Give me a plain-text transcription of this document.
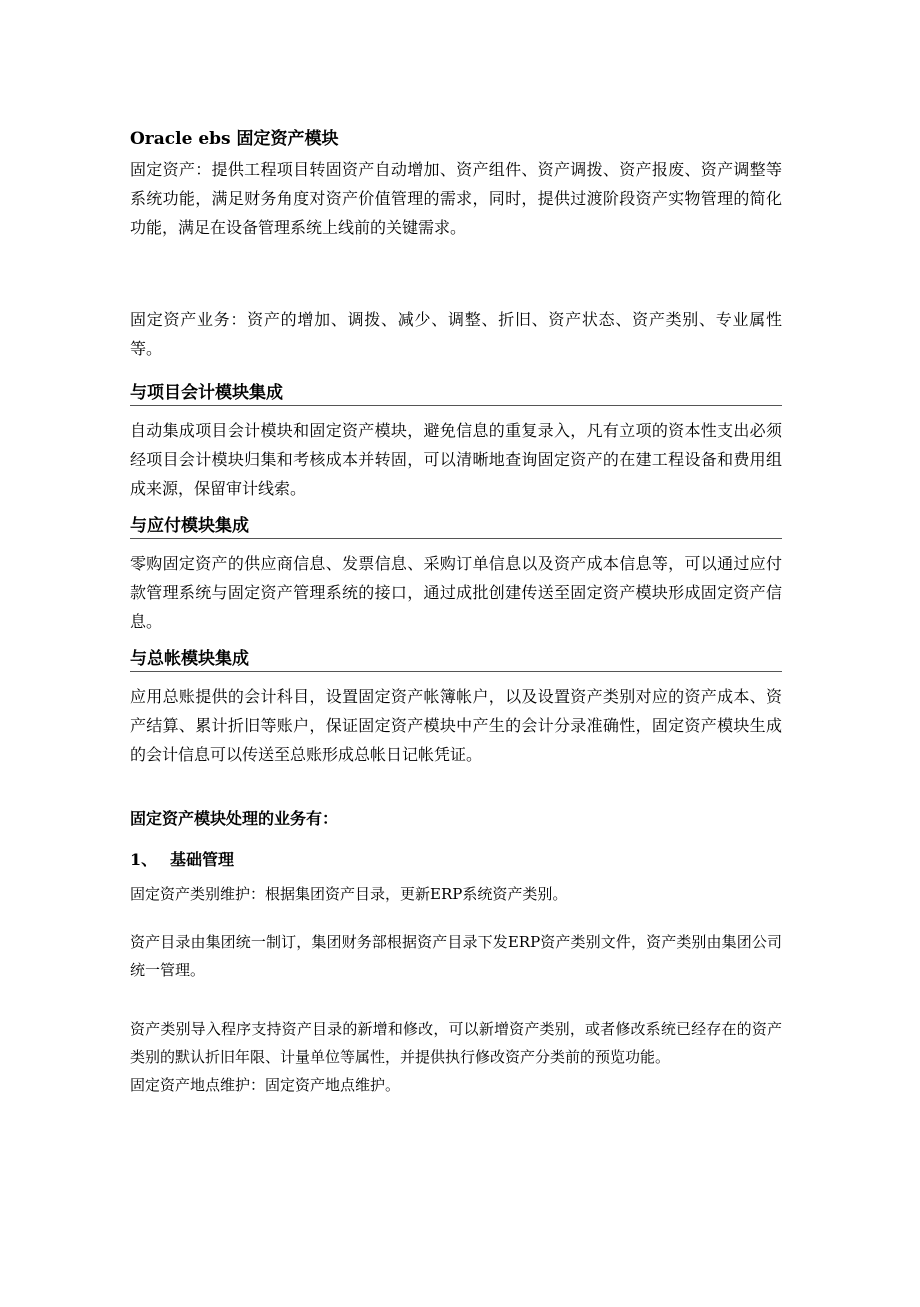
Oracle ebs 固定资产模块

固定资产：提供工程项目转固资产自动增加、资产组件、资产调拨、资产报废、资产调整等系统功能，满足财务角度对资产价值管理的需求，同时，提供过渡阶段资产实物管理的简化功能，满足在设备管理系统上线前的关键需求。

固定资产业务：资产的增加、调拨、减少、调整、折旧、资产状态、资产类别、专业属性等。

与项目会计模块集成

自动集成项目会计模块和固定资产模块，避免信息的重复录入，凡有立项的资本性支出必须经项目会计模块归集和考核成本并转固，可以清晰地查询固定资产的在建工程设备和费用组成来源，保留审计线索。

与应付模块集成

零购固定资产的供应商信息、发票信息、采购订单信息以及资产成本信息等，可以通过应付款管理系统与固定资产管理系统的接口，通过成批创建传送至固定资产模块形成固定资产信息。

与总帐模块集成

应用总账提供的会计科目，设置固定资产帐簿帐户，以及设置资产类别对应的资产成本、资产结算、累计折旧等账户，保证固定资产模块中产生的会计分录准确性，固定资产模块生成的会计信息可以传送至总账形成总帐日记帐凭证。

固定资产模块处理的业务有：
1、 基础管理

固定资产类别维护：根据集团资产目录，更新ERP系统资产类别。

资产目录由集团统一制订，集团财务部根据资产目录下发ERP资产类别文件，资产类别由集团公司统一管理。

资产类别导入程序支持资产目录的新增和修改，可以新增资产类别，或者修改系统已经存在的资产类别的默认折旧年限、计量单位等属性，并提供执行修改资产分类前的预览功能。

固定资产地点维护：固定资产地点维护。
